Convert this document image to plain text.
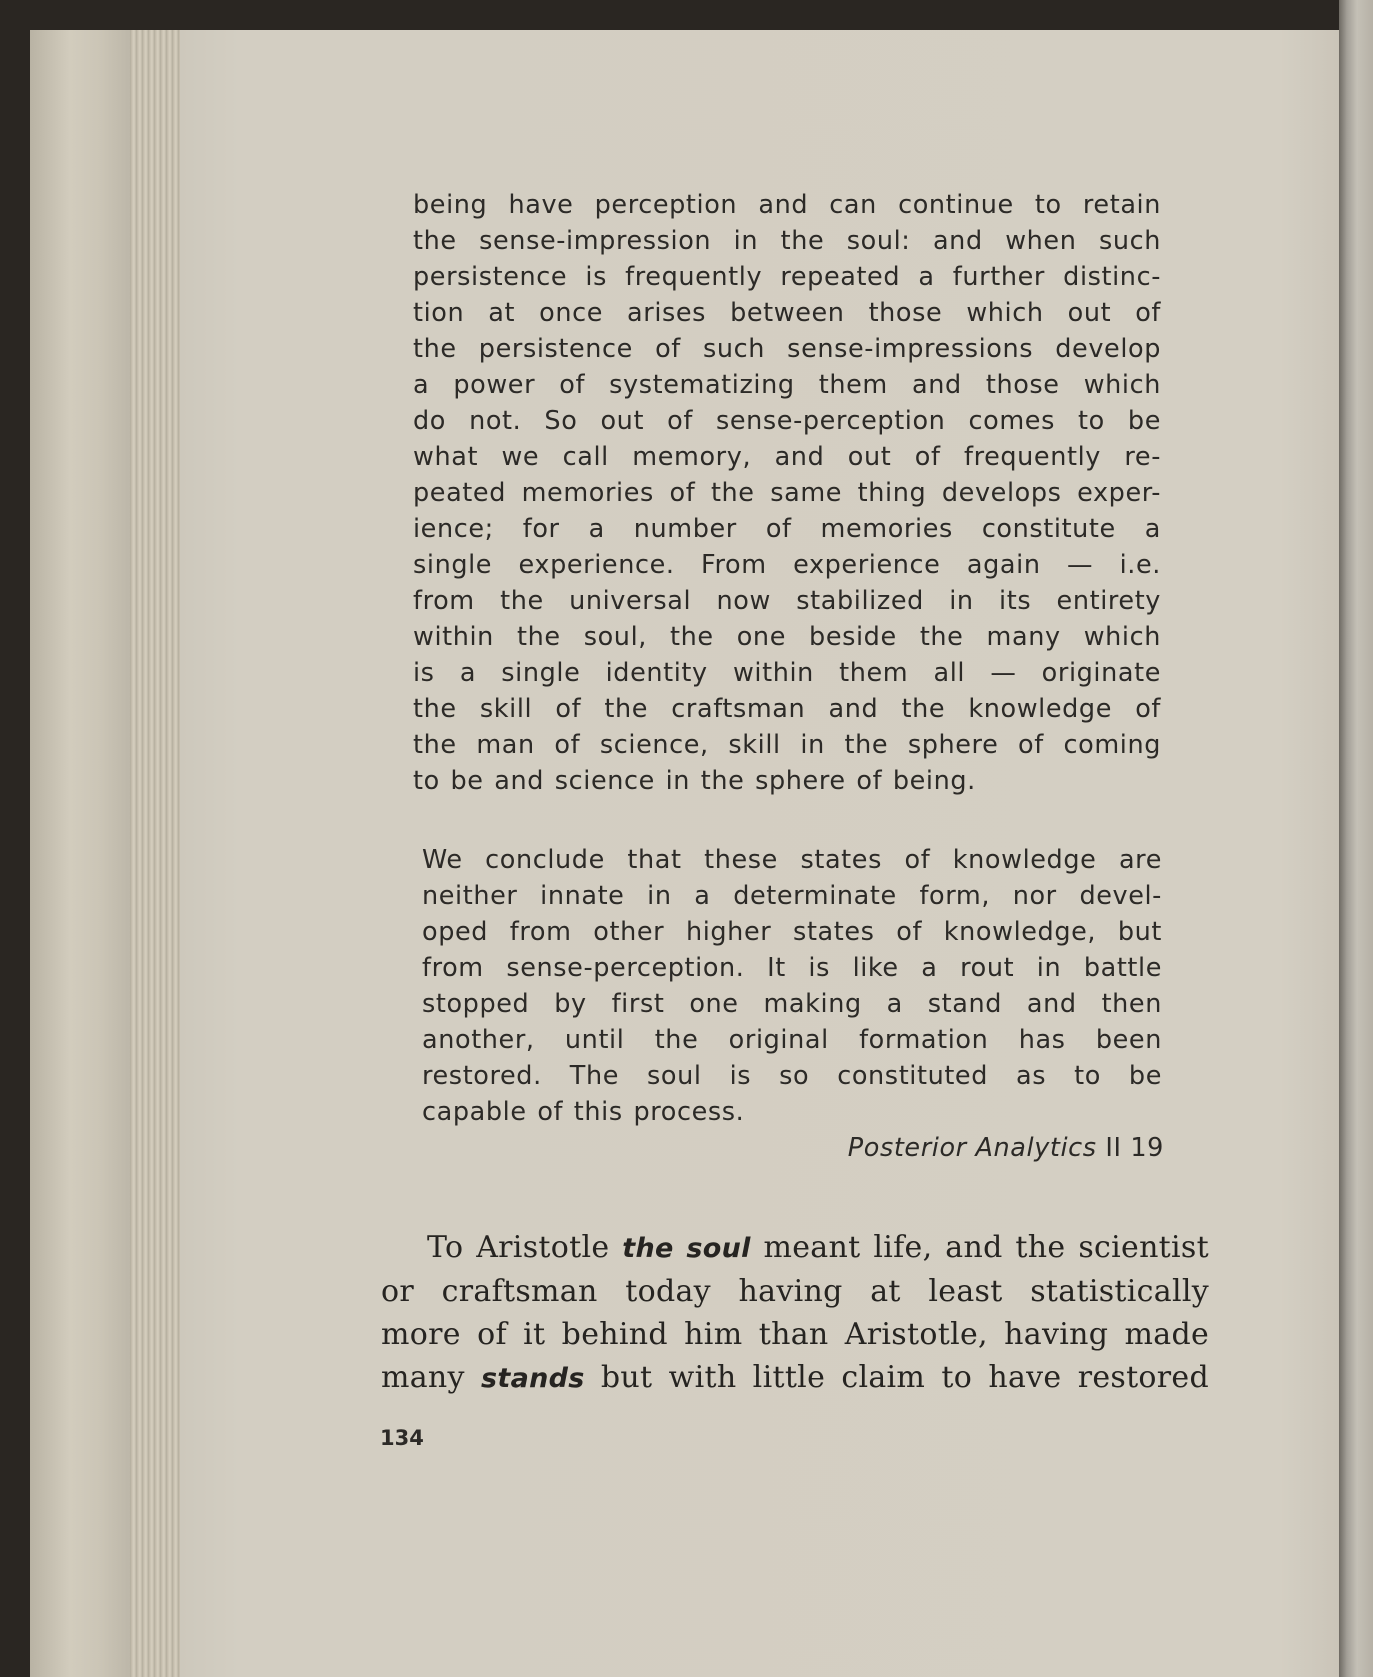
being have perception and can continue to retain
the sense-impression in the soul: and when such
persistence is frequently repeated a further distinc-
tion at once arises between those which out of
the persistence of such sense-impressions develop
a power of systematizing them and those which
do not. So out of sense-perception comes to be
what we call memory, and out of frequently re-
peated memories of the same thing develops exper-
ience; for a number of memories constitute a
single experience. From experience again — i.e.
from the universal now stabilized in its entirety
within the soul, the one beside the many which
is a single identity within them all — originate
the skill of the craftsman and the knowledge of
the man of science, skill in the sphere of coming
to be and science in the sphere of being.
We conclude that these states of knowledge are
neither innate in a determinate form, nor devel-
oped from other higher states of knowledge, but
from sense-perception. It is like a rout in battle
stopped by first one making a stand and then
another, until the original formation has been
restored. The soul is so constituted as to be
capable of this process.
Posterior Analytics II 19
To Aristotle the soul meant life, and the scientist
or craftsman today having at least statistically
more of it behind him than Aristotle, having made
many stands but with little claim to have restored
134
